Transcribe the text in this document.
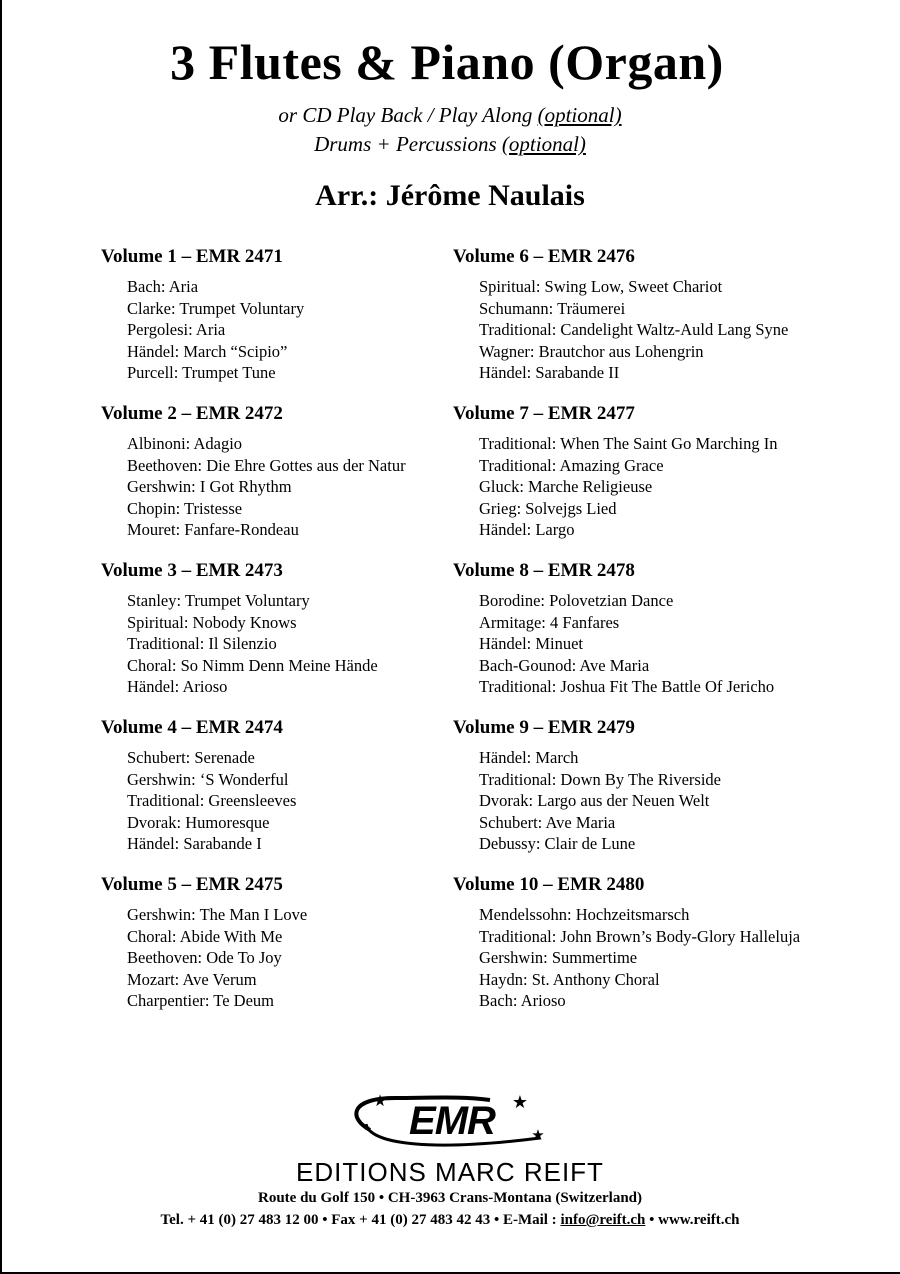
3 Flutes & Piano (Organ)

or CD Play Back / Play Along (optional)

Drums + Percussions (optional)

Arr.: Jérôme Naulais
Volume 1 – EMR 2471
Bach: Aria
Clarke: Trumpet Voluntary
Pergolesi: Aria
Händel: March “Scipio”
Purcell: Trumpet Tune
Volume 2 – EMR 2472
Albinoni: Adagio
Beethoven: Die Ehre Gottes aus der Natur
Gershwin: I Got Rhythm
Chopin: Tristesse
Mouret: Fanfare-Rondeau
Volume 3 – EMR 2473
Stanley: Trumpet Voluntary
Spiritual: Nobody Knows
Traditional: Il Silenzio
Choral: So Nimm Denn Meine Hände
Händel: Arioso
Volume 4 – EMR 2474
Schubert: Serenade
Gershwin: ‘S Wonderful
Traditional: Greensleeves
Dvorak: Humoresque
Händel: Sarabande I
Volume 5 – EMR 2475
Gershwin: The Man I Love
Choral: Abide With Me
Beethoven: Ode To Joy
Mozart: Ave Verum
Charpentier: Te Deum
Volume 6 – EMR 2476
Spiritual: Swing Low, Sweet Chariot
Schumann: Träumerei
Traditional: Candelight Waltz-Auld Lang Syne
Wagner: Brautchor aus Lohengrin
Händel: Sarabande II
Volume 7 – EMR 2477
Traditional: When The Saint Go Marching In
Traditional: Amazing Grace
Gluck: Marche Religieuse
Grieg: Solvejgs Lied
Händel: Largo
Volume 8 – EMR 2478
Borodine: Polovetzian Dance
Armitage: 4 Fanfares
Händel: Minuet
Bach-Gounod: Ave Maria
Traditional: Joshua Fit The Battle Of Jericho
Volume 9 – EMR 2479
Händel: March
Traditional: Down By The Riverside
Dvorak: Largo aus der Neuen Welt
Schubert: Ave Maria
Debussy: Clair de Lune
Volume 10 – EMR 2480
Mendelssohn: Hochzeitsmarsch
Traditional: John Brown’s Body-Glory Halleluja
Gershwin: Summertime
Haydn: St. Anthony Choral
Bach: Arioso
EMR
★	★
★
EDITIONS MARC REIFT

Route du Golf 150 • CH-3963 Crans-Montana (Switzerland)

Tel. + 41 (0) 27 483 12 00 • Fax + 41 (0) 27 483 42 43 • E-Mail : info@reift.ch • www.reift.ch
